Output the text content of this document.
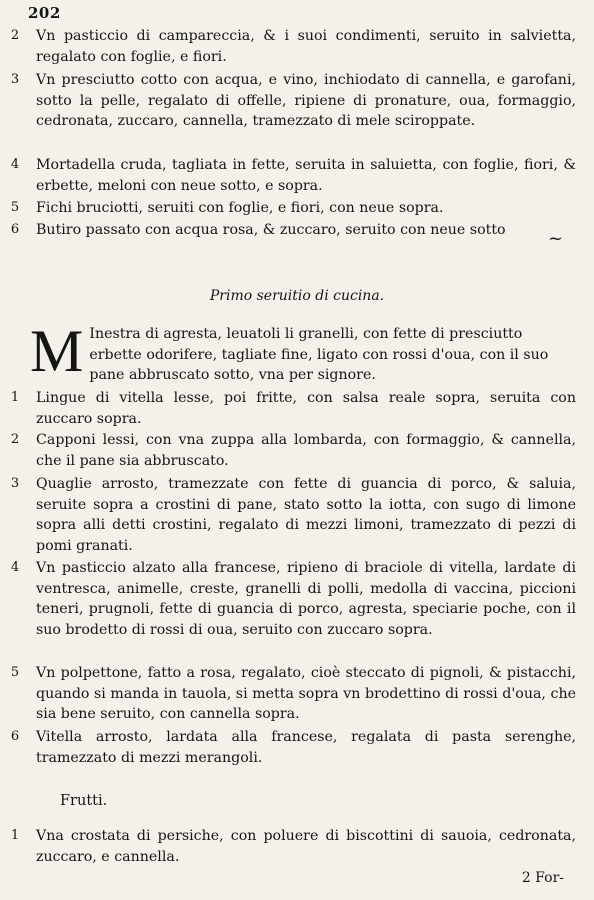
202
2	Vn pasticcio di campareccia, & i suoi condimenti, seruito in salvietta, regalato con foglie, e fiori.
3	Vn presciutto cotto con acqua, e vino, inchiodato di cannella, e garofani, sotto la pelle, regalato di offelle, ripiene di pronature, oua, formaggio, cedronata, zuccaro, cannella, tramezzato di mele sciroppate.
4	Mortadella cruda, tagliata in fette, seruita in saluietta, con foglie, fiori, & erbette, meloni con neue sotto, e sopra.
5	Fichi bruciotti, seruiti con foglie, e fiori, con neue sopra.
6	Butiro passato con acqua rosa, & zuccaro, seruito con neue sotto	~
Primo seruitio di cucina.
M Inestra di agresta, leuatoli li granelli, con fette di presciutto erbette odorifere, tagliate fine, ligato con rossi d'oua, con il suo pane abbruscato sotto, vna per signore.
1	Lingue di vitella lesse, poi fritte, con salsa reale sopra, seruita con zuccaro sopra.
2	Capponi lessi, con vna zuppa alla lombarda, con formaggio, & cannella, che il pane sia abbruscato.
3	Quaglie arrosto, tramezzate con fette di guancia di porco, & saluia, seruite sopra a crostini di pane, stato sotto la iotta, con sugo di limone sopra alli detti crostini, regalato di mezzi limoni, tramezzato di pezzi di pomi granati.
4	Vn pasticcio alzato alla francese, ripieno di braciole di vitella, lardate di ventresca, animelle, creste, granelli di polli, medolla di vaccina, piccioni teneri, prugnoli, fette di guancia di porco, agresta, speciarie poche, con il suo brodetto di rossi di oua, seruito con zuccaro sopra.
5	Vn polpettone, fatto a rosa, regalato, cioè steccato di pignoli, & pistacchi, quando si manda in tauola, si metta sopra vn brodettino di rossi d'oua, che sia bene seruito, con cannella sopra.
6	Vitella arrosto, lardata alla francese, regalata di pasta serenghe, tramezzato di mezzi merangoli.
Frutti.
1	Vna crostata di persiche, con poluere di biscottini di sauoia, cedronata, zuccaro, e cannella.
2 For-
